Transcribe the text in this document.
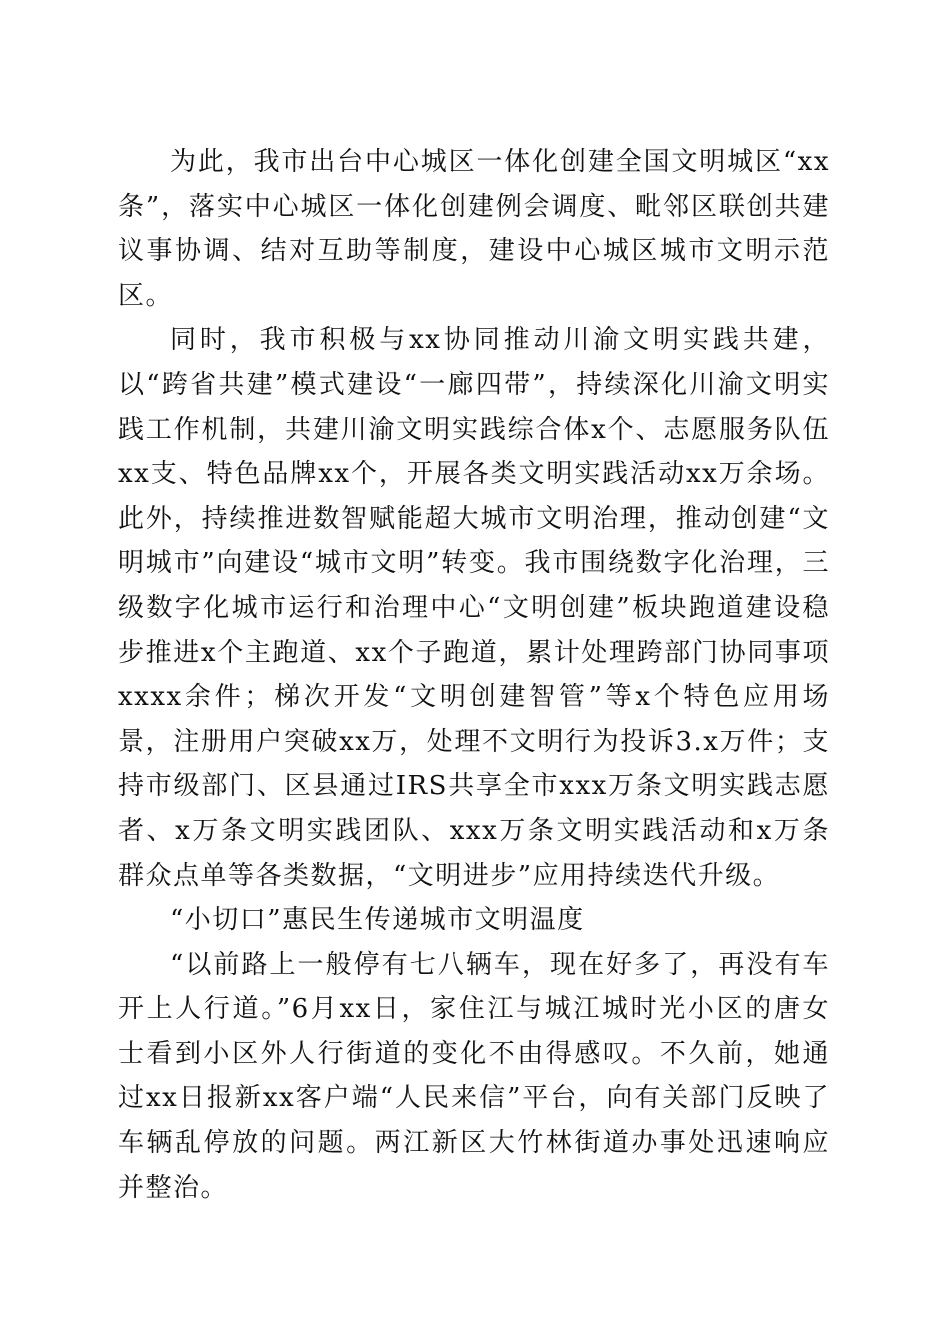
为此，我市出台中心城区一体化创建全国文明城区“xx条”，落实中心城区一体化创建例会调度、毗邻区联创共建议事协调、结对互助等制度，建设中心城区城市文明示范区。

同时，我市积极与xx协同推动川渝文明实践共建，以“跨省共建”模式建设“一廊四带”，持续深化川渝文明实践工作机制，共建川渝文明实践综合体x个、志愿服务队伍xx支、特色品牌xx个，开展各类文明实践活动xx万余场。此外，持续推进数智赋能超大城市文明治理，推动创建“文明城市”向建设“城市文明”转变。我市围绕数字化治理，三级数字化城市运行和治理中心“文明创建”板块跑道建设稳步推进x个主跑道、xx个子跑道，累计处理跨部门协同事项xxxx余件；梯次开发“文明创建智管”等x个特色应用场景，注册用户突破xx万，处理不文明行为投诉3.x万件；支持市级部门、区县通过IRS共享全市xxx万条文明实践志愿者、x万条文明实践团队、xxx万条文明实践活动和x万条群众点单等各类数据，“文明进步”应用持续迭代升级。

“小切口”惠民生传递城市文明温度

“以前路上一般停有七八辆车，现在好多了，再没有车开上人行道。”6月xx日，家住江与城江城时光小区的唐女士看到小区外人行街道的变化不由得感叹。不久前，她通过xx日报新xx客户端“人民来信”平台，向有关部门反映了车辆乱停放的问题。两江新区大竹林街道办事处迅速响应并整治。
